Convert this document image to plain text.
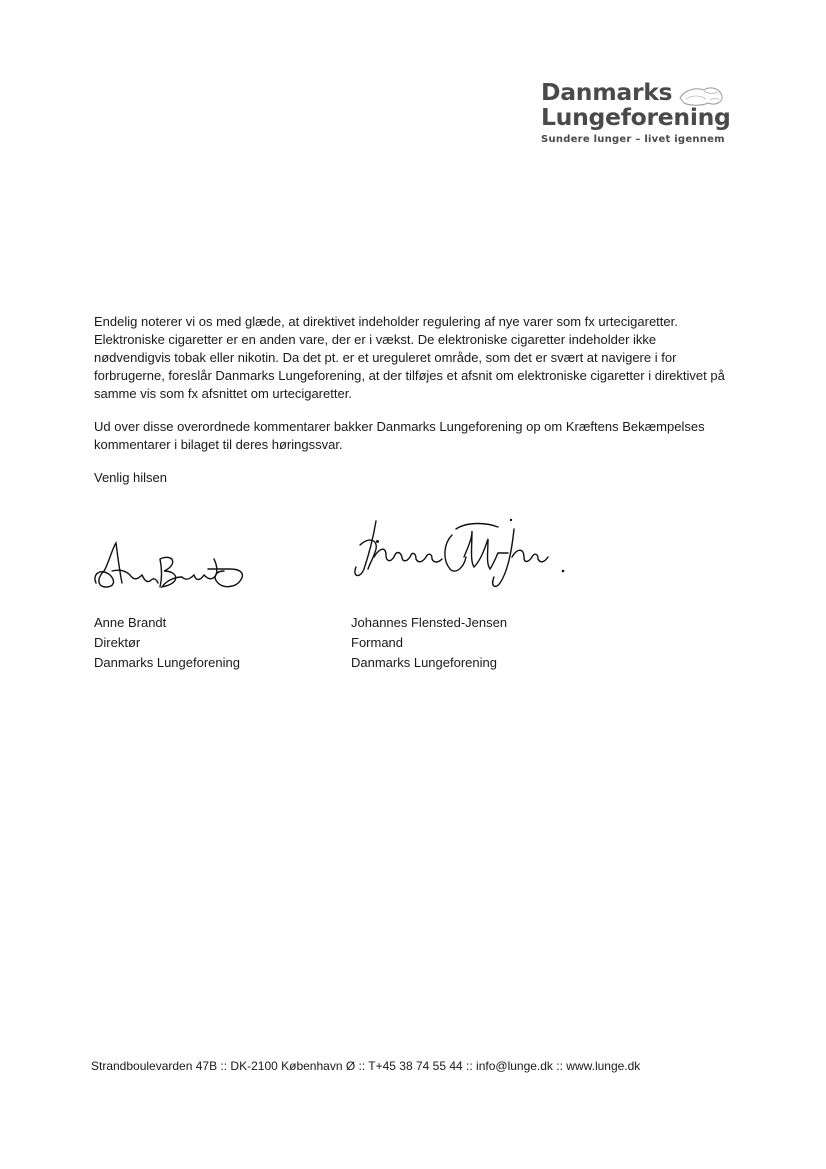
Danmarks
Lungeforening
Sundere lunger – livet igennem

Endelig noterer vi os med glæde, at direktivet indeholder regulering af nye varer som fx urtecigaretter. Elektroniske cigaretter er en anden vare, der er i vækst. De elektroniske cigaretter indeholder ikke nødvendigvis tobak eller nikotin. Da det pt. er et ureguleret område, som det er svært at navigere i for forbrugerne, foreslår Danmarks Lungeforening, at der tilføjes et afsnit om elektroniske cigaretter i direktivet på samme vis som fx afsnittet om urtecigaretter.

Ud over disse overordnede kommentarer bakker Danmarks Lungeforening op om Kræftens Bekæmpelses kommentarer i bilaget til deres høringssvar.

Venlig hilsen

Anne Brandt
Direktør
Danmarks Lungeforening
Johannes Flensted-Jensen
Formand
Danmarks Lungeforening
Strandboulevarden 47B :: DK-2100 København Ø :: T+45 38 74 55 44 :: info@lunge.dk :: www.lunge.dk
